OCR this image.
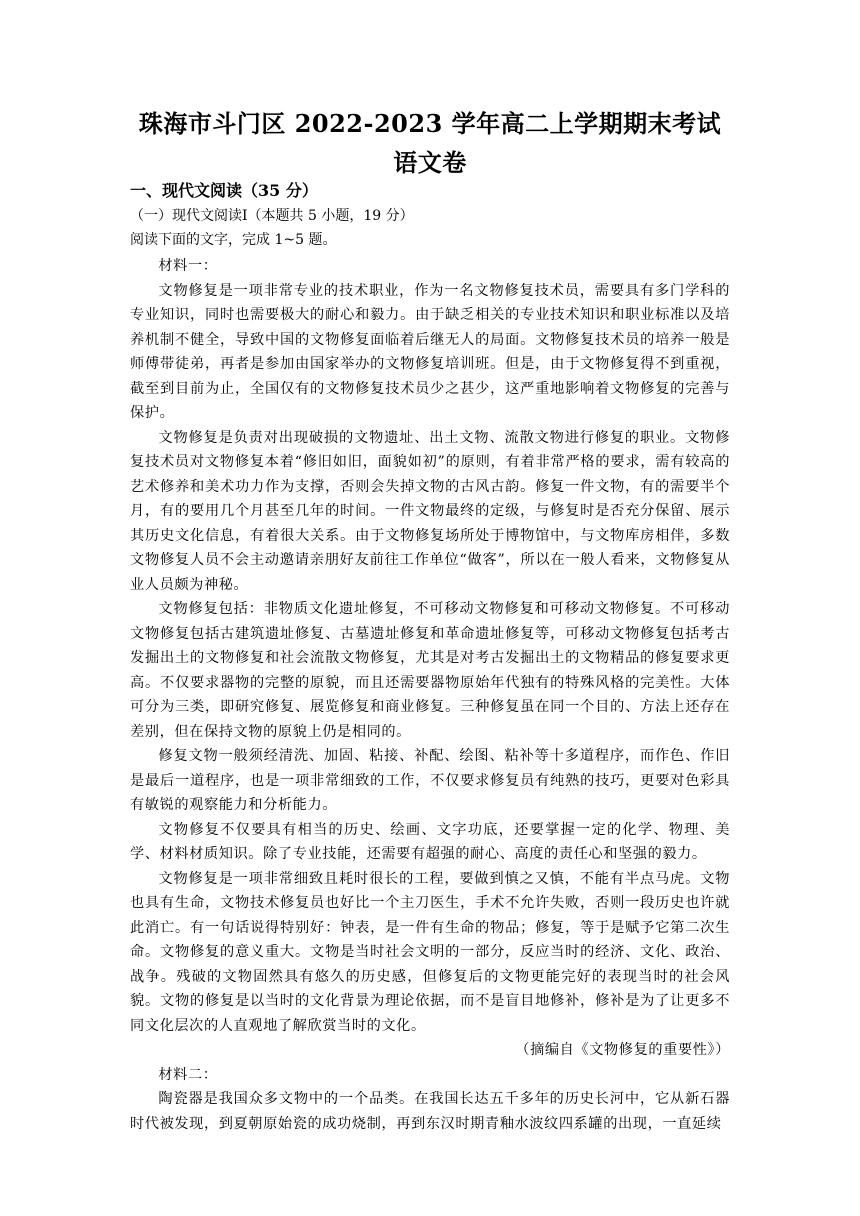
珠海市斗门区 2022-2023 学年高二上学期期末考试
语文卷
一、现代文阅读（35 分）
（一）现代文阅读Ⅰ（本题共 5 小题，19 分）
阅读下面的文字，完成 1~5 题。

材料一：

文物修复是一项非常专业的技术职业，作为一名文物修复技术员，需要具有多门学科的专业知识，同时也需要极大的耐心和毅力。由于缺乏相关的专业技术知识和职业标准以及培养机制不健全，导致中国的文物修复面临着后继无人的局面。文物修复技术员的培养一般是师傅带徒弟，再者是参加由国家举办的文物修复培训班。但是，由于文物修复得不到重视，截至到目前为止，全国仅有的文物修复技术员少之甚少，这严重地影响着文物修复的完善与保护。

文物修复是负责对出现破损的文物遗址、出土文物、流散文物进行修复的职业。文物修复技术员对文物修复本着“修旧如旧，面貌如初”的原则，有着非常严格的要求，需有较高的艺术修养和美术功力作为支撑，否则会失掉文物的古风古韵。修复一件文物，有的需要半个月，有的要用几个月甚至几年的时间。一件文物最终的定级，与修复时是否充分保留、展示其历史文化信息，有着很大关系。由于文物修复场所处于博物馆中，与文物库房相伴，多数文物修复人员不会主动邀请亲朋好友前往工作单位“做客”，所以在一般人看来，文物修复从业人员颇为神秘。

文物修复包括：非物质文化遗址修复，不可移动文物修复和可移动文物修复。不可移动文物修复包括古建筑遗址修复、古墓遗址修复和革命遗址修复等，可移动文物修复包括考古发掘出土的文物修复和社会流散文物修复，尤其是对考古发掘出土的文物精品的修复要求更高。不仅要求器物的完整的原貌，而且还需要器物原始年代独有的特殊风格的完美性。大体可分为三类，即研究修复、展览修复和商业修复。三种修复虽在同一个目的、方法上还存在差别，但在保持文物的原貌上仍是相同的。

修复文物一般须经清洗、加固、粘接、补配、绘图、粘补等十多道程序，而作色、作旧是最后一道程序，也是一项非常细致的工作，不仅要求修复员有纯熟的技巧，更要对色彩具有敏锐的观察能力和分析能力。

文物修复不仅要具有相当的历史、绘画、文字功底，还要掌握一定的化学、物理、美学、材料材质知识。除了专业技能，还需要有超强的耐心、高度的责任心和坚强的毅力。

文物修复是一项非常细致且耗时很长的工程，要做到慎之又慎，不能有半点马虎。文物也具有生命，文物技术修复员也好比一个主刀医生，手术不允许失败，否则一段历史也许就此消亡。有一句话说得特别好：钟表，是一件有生命的物品；修复，等于是赋予它第二次生命。文物修复的意义重大。文物是当时社会文明的一部分，反应当时的经济、文化、政治、战争。残破的文物固然具有悠久的历史感，但修复后的文物更能完好的表现当时的社会风貌。文物的修复是以当时的文化背景为理论依据，而不是盲目地修补，修补是为了让更多不同文化层次的人直观地了解欣赏当时的文化。

（摘编自《文物修复的重要性》）

材料二：

陶瓷器是我国众多文物中的一个品类。在我国长达五千多年的历史长河中，它从新石器时代被发现，到夏朝原始瓷的成功烧制，再到东汉时期青釉水波纹四系罐的出现，一直延续
